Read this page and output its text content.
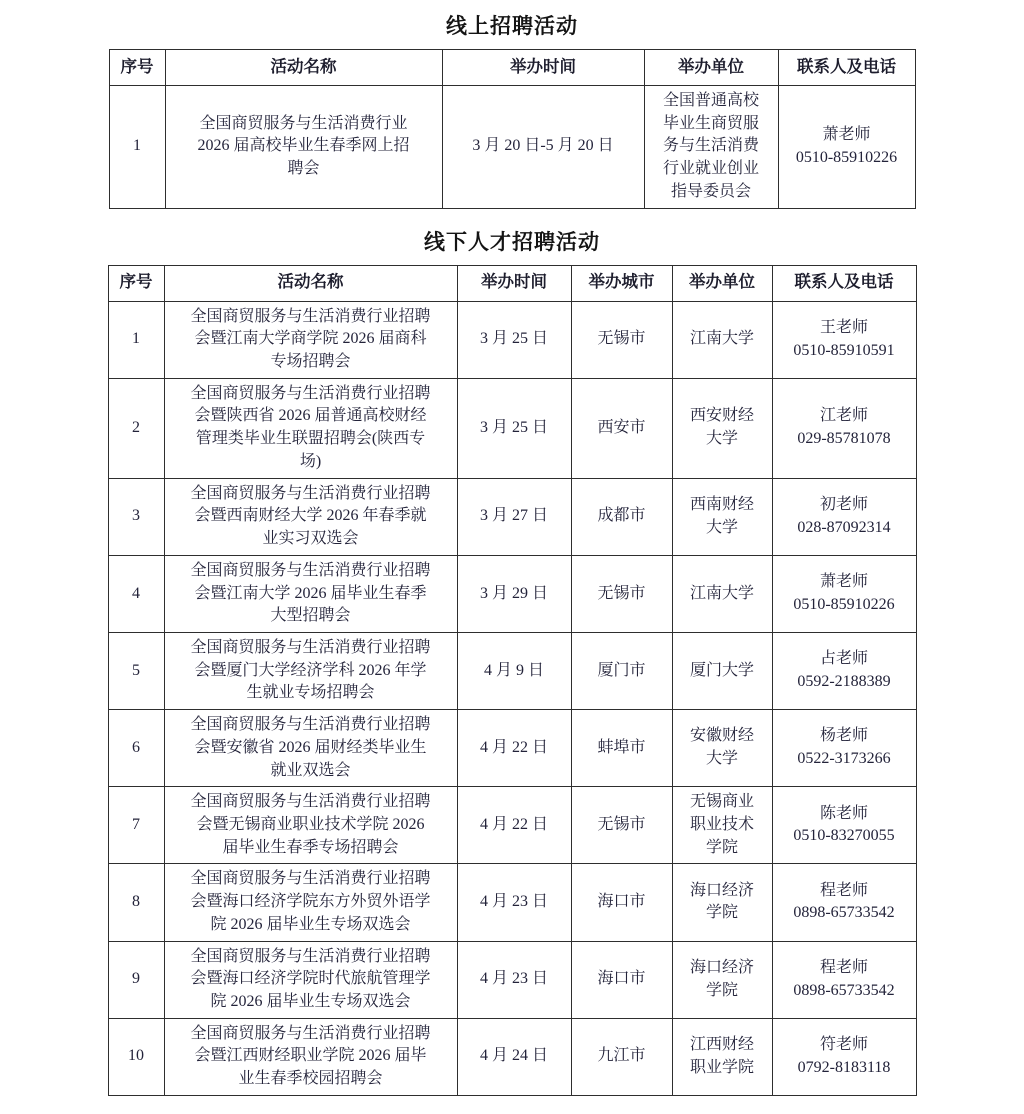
线上招聘活动
序号	活动名称	举办时间	举办单位	联系人及电话
1	全国商贸服务与生活消费行业 2026 届高校毕业生春季网上招聘会	3 月 20 日-5 月 20 日	全国普通高校毕业生商贸服务与生活消费行业就业创业指导委员会	萧老师
0510-85910226
线下人才招聘活动
序号	活动名称	举办时间	举办城市	举办单位	联系人及电话
1	全国商贸服务与生活消费行业招聘会暨江南大学商学院 2026 届商科专场招聘会	3 月 25 日	无锡市	江南大学	王老师
0510-85910591

2	全国商贸服务与生活消费行业招聘会暨陕西省 2026 届普通高校财经管理类毕业生联盟招聘会(陕西专场)	3 月 25 日	西安市	西安财经大学	江老师
029-85781078

3	全国商贸服务与生活消费行业招聘会暨西南财经大学 2026 年春季就业实习双选会	3 月 27 日	成都市	西南财经大学	初老师
028-87092314

4	全国商贸服务与生活消费行业招聘会暨江南大学 2026 届毕业生春季大型招聘会	3 月 29 日	无锡市	江南大学	萧老师
0510-85910226

5	全国商贸服务与生活消费行业招聘会暨厦门大学经济学科 2026 年学生就业专场招聘会	4 月 9 日	厦门市	厦门大学	占老师
0592-2188389

6	全国商贸服务与生活消费行业招聘会暨安徽省 2026 届财经类毕业生就业双选会	4 月 22 日	蚌埠市	安徽财经大学	杨老师
0522-3173266

7	全国商贸服务与生活消费行业招聘会暨无锡商业职业技术学院 2026 届毕业生春季专场招聘会	4 月 22 日	无锡市	无锡商业职业技术学院	陈老师
0510-83270055

8	全国商贸服务与生活消费行业招聘会暨海口经济学院东方外贸外语学院 2026 届毕业生专场双选会	4 月 23 日	海口市	海口经济学院	程老师
0898-65733542

9	全国商贸服务与生活消费行业招聘会暨海口经济学院时代旅航管理学院 2026 届毕业生专场双选会	4 月 23 日	海口市	海口经济学院	程老师
0898-65733542

10	全国商贸服务与生活消费行业招聘会暨江西财经职业学院 2026 届毕业生春季校园招聘会	4 月 24 日	九江市	江西财经职业学院	符老师
0792-8183118
